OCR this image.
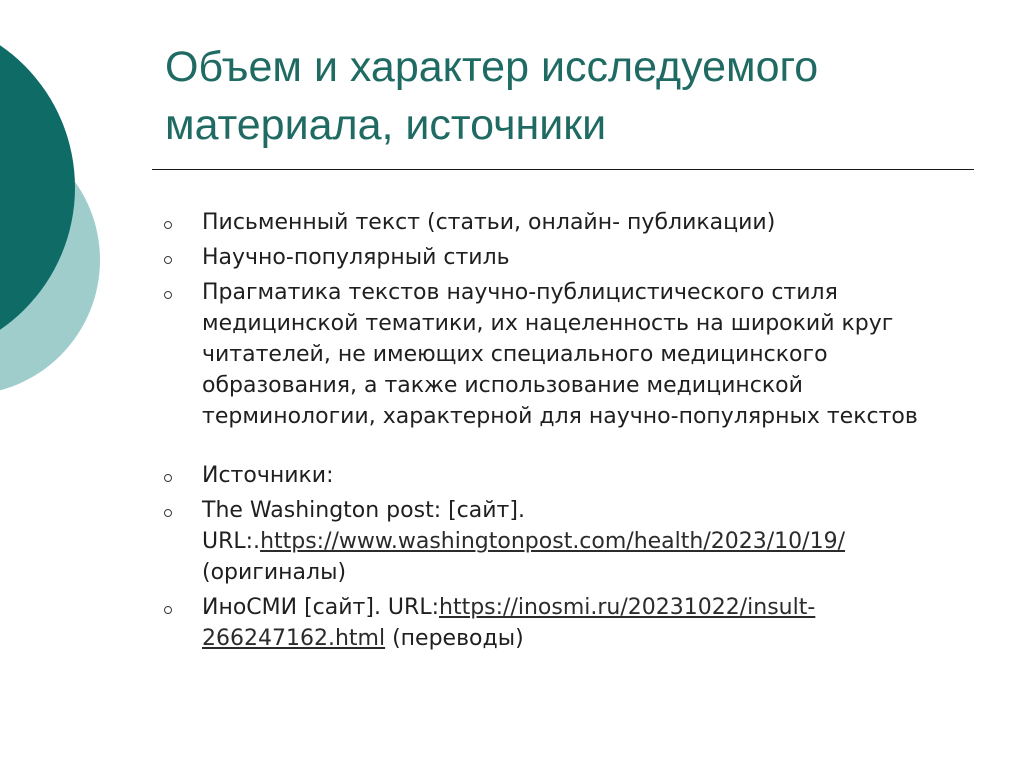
Объем и характер исследуемого материала, источники
Письменный текст (статьи, онлайн- публикации)
Научно-популярный стиль
Прагматика текстов научно-публицистического стиля медицинской тематики, их нацеленность на широкий круг читателей, не имеющих специального медицинского образования, а также использование медицинской терминологии, характерной для научно-популярных текстов
Источники:
The Washington post: [сайт]. URL:.https://www.washingtonpost.com/health/2023/10/19/ (оригиналы)
ИноСМИ [сайт]. URL:https://inosmi.ru/20231022/insult-266247162.html (переводы)
